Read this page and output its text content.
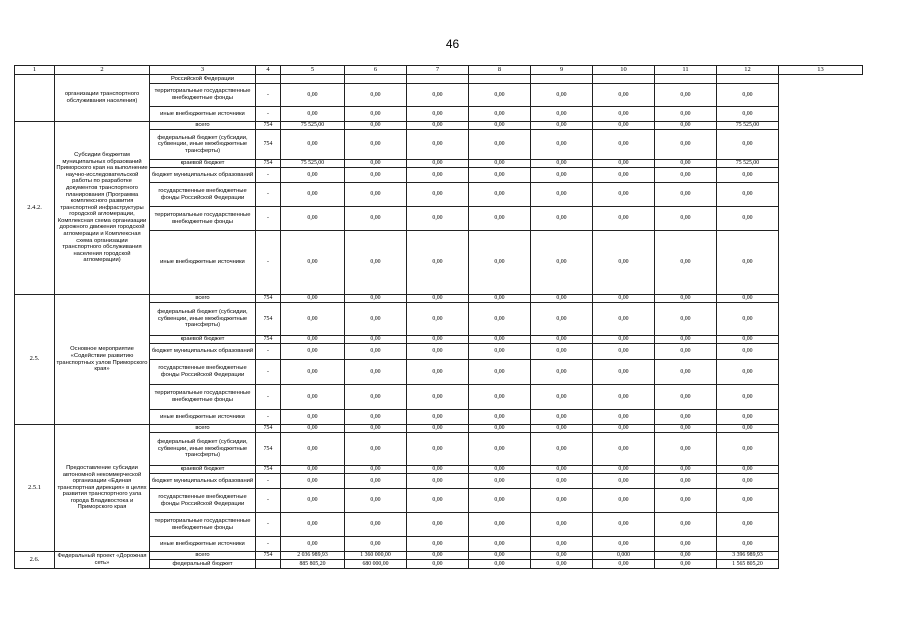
46
1	2	3	4	5	6	7	8	9	10	11	12	13
	организации транспортного обслуживания населения)	Российской Федерации										
		территориальные государственные внебюджетные фонды	-	0,00	0,00	0,00	0,00	0,00	0,00	0,00	0,00	
		иные внебюджетные источники	-	0,00	0,00	0,00	0,00	0,00	0,00	0,00	0,00	
2.4.2.	Субсидии бюджетам муниципальных образований Приморского края на выполнение научно-исследовательской работы по разработке документов транспортного планирования (Программа комплексного развития транспортной инфраструктуры городской агломерации, Комплексная схема организации дорожного движения городской агломерации и Комплексная схема организации транспортного обслуживания населения городской агломерации)	всего	754	75 525,00	0,00	0,00	0,00	0,00	0,00	0,00	75 525,00	
		федеральный бюджет (субсидии, субвенции, иные межбюджетные трансферты)	754	0,00	0,00	0,00	0,00	0,00	0,00	0,00	0,00	
		краевой бюджет	754	75 525,00	0,00	0,00	0,00	0,00	0,00	0,00	75 525,00	
		бюджет муниципальных образований	-	0,00	0,00	0,00	0,00	0,00	0,00	0,00	0,00	
		государственные внебюджетные фонды Российской Федерации	-	0,00	0,00	0,00	0,00	0,00	0,00	0,00	0,00	
		территориальные государственные внебюджетные фонды	-	0,00	0,00	0,00	0,00	0,00	0,00	0,00	0,00	
		иные внебюджетные источники	-	0,00	0,00	0,00	0,00	0,00	0,00	0,00	0,00	
2.5.	Основное мероприятие «Содействие развитию транспортных узлов Приморского края»	всего	754	0,00	0,00	0,00	0,00	0,00	0,00	0,00	0,00	
		федеральный бюджет (субсидии, субвенции, иные межбюджетные трансферты)	754	0,00	0,00	0,00	0,00	0,00	0,00	0,00	0,00	
		краевой бюджет	754	0,00	0,00	0,00	0,00	0,00	0,00	0,00	0,00	
		бюджет муниципальных образований	-	0,00	0,00	0,00	0,00	0,00	0,00	0,00	0,00	
		государственные внебюджетные фонды Российской Федерации	-	0,00	0,00	0,00	0,00	0,00	0,00	0,00	0,00	
		территориальные государственные внебюджетные фонды	-	0,00	0,00	0,00	0,00	0,00	0,00	0,00	0,00	
		иные внебюджетные источники	-	0,00	0,00	0,00	0,00	0,00	0,00	0,00	0,00	
2.5.1	Предоставление субсидии автономной некоммерческой организации «Единая транспортная дирекция» в целях развития транспортного узла города Владивостока и Приморского края	всего	754	0,00	0,00	0,00	0,00	0,00	0,00	0,00	0,00	
		федеральный бюджет (субсидии, субвенции, иные межбюджетные трансферты)	754	0,00	0,00	0,00	0,00	0,00	0,00	0,00	0,00	
		краевой бюджет	754	0,00	0,00	0,00	0,00	0,00	0,00	0,00	0,00	
		бюджет муниципальных образований	-	0,00	0,00	0,00	0,00	0,00	0,00	0,00	0,00	
		государственные внебюджетные фонды Российской Федерации	-	0,00	0,00	0,00	0,00	0,00	0,00	0,00	0,00	
		территориальные государственные внебюджетные фонды	-	0,00	0,00	0,00	0,00	0,00	0,00	0,00	0,00	
		иные внебюджетные источники	-	0,00	0,00	0,00	0,00	0,00	0,00	0,00	0,00	
2.6.	Федеральный проект «Дорожная сеть»	всего	754	2 036 989,93	1 360 000,00	0,00	0,00	0,00	0,000	0,00	3 396 989,93	
		федеральный бюджет		885 805,20	680 000,00	0,00	0,00	0,00	0,00	0,00	1 565 805,20	
